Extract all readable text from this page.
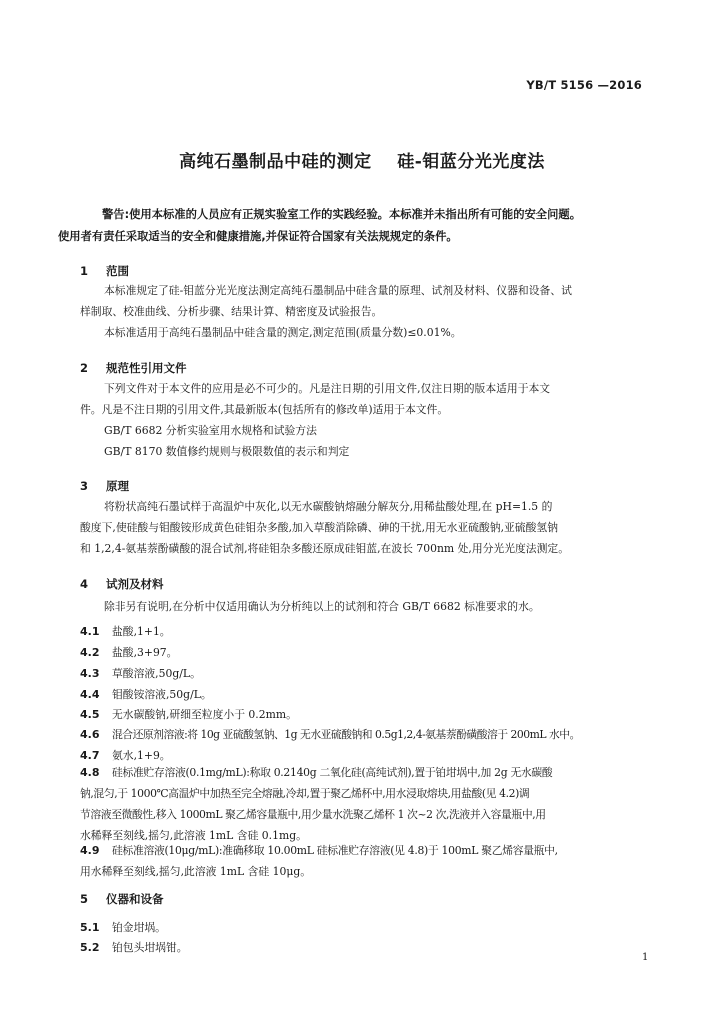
YB/T 5156 —2016
高纯石墨制品中硅的测定    硅-钼蓝分光光度法
警告:使用本标准的人员应有正规实验室工作的实践经验。本标准并未指出所有可能的安全问题。
使用者有责任采取适当的安全和健康措施,并保证符合国家有关法规规定的条件。
1 范围
本标准规定了硅-钼蓝分光光度法测定高纯石墨制品中硅含量的原理、试剂及材料、仪器和设备、试
样制取、校准曲线、分析步骤、结果计算、精密度及试验报告。
本标准适用于高纯石墨制品中硅含量的测定,测定范围(质量分数)≤0.01%。
2 规范性引用文件
下列文件对于本文件的应用是必不可少的。凡是注日期的引用文件,仅注日期的版本适用于本文
件。凡是不注日期的引用文件,其最新版本(包括所有的修改单)适用于本文件。
GB/T 6682 分析实验室用水规格和试验方法
GB/T 8170 数值修约规则与极限数值的表示和判定
3 原理
将粉状高纯石墨试样于高温炉中灰化,以无水碳酸钠熔融分解灰分,用稀盐酸处理,在 pH=1.5 的
酸度下,使硅酸与钼酸铵形成黄色硅钼杂多酸,加入草酸消除磷、砷的干扰,用无水亚硫酸钠,亚硫酸氢钠
和 1,2,4-氨基萘酚磺酸的混合试剂,将硅钼杂多酸还原成硅钼蓝,在波长 700nm 处,用分光光度法测定。
4 试剂及材料
除非另有说明,在分析中仅适用确认为分析纯以上的试剂和符合 GB/T 6682 标准要求的水。
4.1 盐酸,1+1。
4.2 盐酸,3+97。
4.3 草酸溶液,50g/L。
4.4 钼酸铵溶液,50g/L。
4.5 无水碳酸钠,研细至粒度小于 0.2mm。
4.6 混合还原剂溶液:将 10g 亚硫酸氢钠、1g 无水亚硫酸钠和 0.5g1,2,4-氨基萘酚磺酸溶于 200mL 水中。
4.7 氨水,1+9。
4.8 硅标准贮存溶液(0.1mg/mL):称取 0.2140g 二氧化硅(高纯试剂),置于铂坩埚中,加 2g 无水碳酸
钠,混匀,于 1000℃高温炉中加热至完全熔融,冷却,置于聚乙烯杯中,用水浸取熔块,用盐酸(见 4.2)调
节溶液至微酸性,移入 1000mL 聚乙烯容量瓶中,用少量水洗聚乙烯杯 1 次~2 次,洗液并入容量瓶中,用
水稀释至刻线,摇匀,此溶液 1mL 含硅 0.1mg。
4.9 硅标准溶液(10μg/mL):准确移取 10.00mL 硅标准贮存溶液(见 4.8)于 100mL 聚乙烯容量瓶中,
用水稀释至刻线,摇匀,此溶液 1mL 含硅 10μg。
5 仪器和设备
5.1 铂金坩埚。
5.2 铂包头坩埚钳。
1
